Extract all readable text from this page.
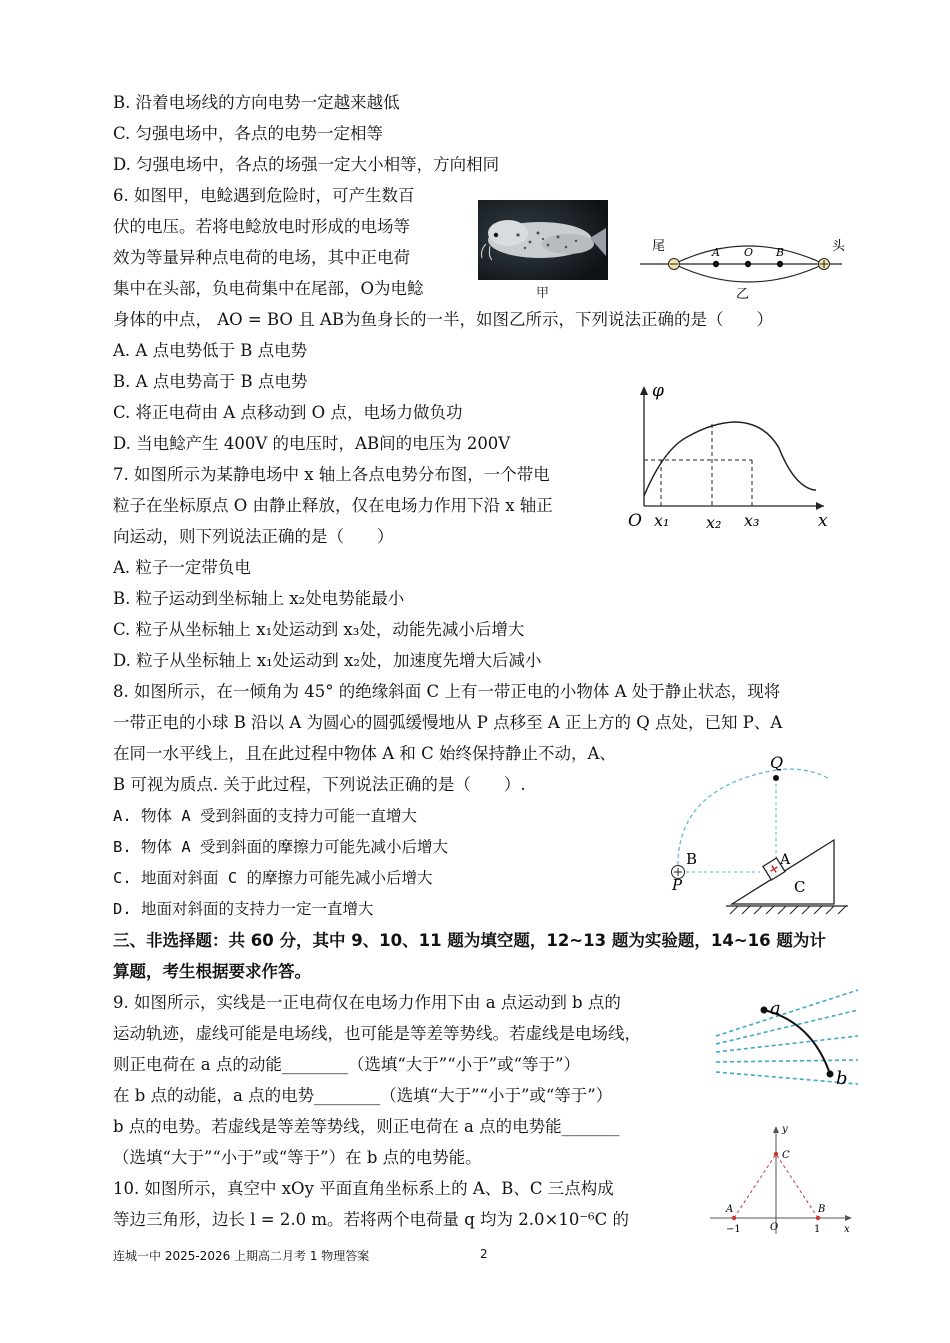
B. 沿着电场线的方向电势一定越来越低
C. 匀强电场中，各点的电势一定相等
D. 匀强电场中，各点的场强一定大小相等，方向相同
6. 如图甲，电鲶遇到危险时，可产生数百
伏的电压。若将电鲶放电时形成的电场等
效为等量异种点电荷的电场，其中正电荷
集中在头部，负电荷集中在尾部，O为电鲶
身体的中点， AO = BO 且 AB为鱼身长的一半，如图乙所示，下列说法正确的是（　　）
A. A 点电势低于 B 点电势
B. A 点电势高于 B 点电势
C. 将正电荷由 A 点移动到 O 点，电场力做负功
D. 当电鲶产生 400V 的电压时，AB间的电压为 200V
7. 如图所示为某静电场中 x 轴上各点电势分布图，一个带电
粒子在坐标原点 O 由静止释放，仅在电场力作用下沿 x 轴正
向运动，则下列说法正确的是（　　）
A. 粒子一定带负电
B. 粒子运动到坐标轴上 x₂处电势能最小
C. 粒子从坐标轴上 x₁处运动到 x₃处，动能先减小后增大
D. 粒子从坐标轴上 x₁处运动到 x₂处，加速度先增大后减小
8. 如图所示，在一倾角为 45° 的绝缘斜面 C 上有一带正电的小物体 A 处于静止状态，现将
一带正电的小球 B 沿以 A 为圆心的圆弧缓慢地从 P 点移至 A 正上方的 Q 点处，已知 P、A
在同一水平线上，且在此过程中物体 A 和 C 始终保持静止不动，A、
B 可视为质点. 关于此过程，下列说法正确的是（　　）.
A. 物体 A 受到斜面的支持力可能一直增大
B. 物体 A 受到斜面的摩擦力可能先减小后增大
C. 地面对斜面 C 的摩擦力可能先减小后增大
D. 地面对斜面的支持力一定一直增大
三、非选择题：共 60 分，其中 9、10、11 题为填空题，12~13 题为实验题，14~16 题为计
算题，考生根据要求作答。
9. 如图所示，实线是一正电荷仅在电场力作用下由 a 点运动到 b 点的
运动轨迹，虚线可能是电场线，也可能是等差等势线。若虚线是电场线，
则正电荷在 a 点的动能________（选填“大于”“小于”或“等于”）
在 b 点的动能，a 点的电势________（选填“大于”“小于”或“等于”）
b 点的电势。若虚线是等差等势线，则正电荷在 a 点的电势能_______
（选填“大于”“小于”或“等于”）在 b 点的电势能。
10. 如图所示，真空中 xOy 平面直角坐标系上的 A、B、C 三点构成
等边三角形，边长 l = 2.0 m。若将两个电荷量 q 均为 2.0×10⁻⁶C 的
连城一中 2025-2026 上期高二月考 1 物理答案	2
甲
尾	头
A O B
乙
φ
O	x
x₁ x₂ x₃
Q
B
P
A
C
a
b
y
x
C
A	B
O
−1	1
